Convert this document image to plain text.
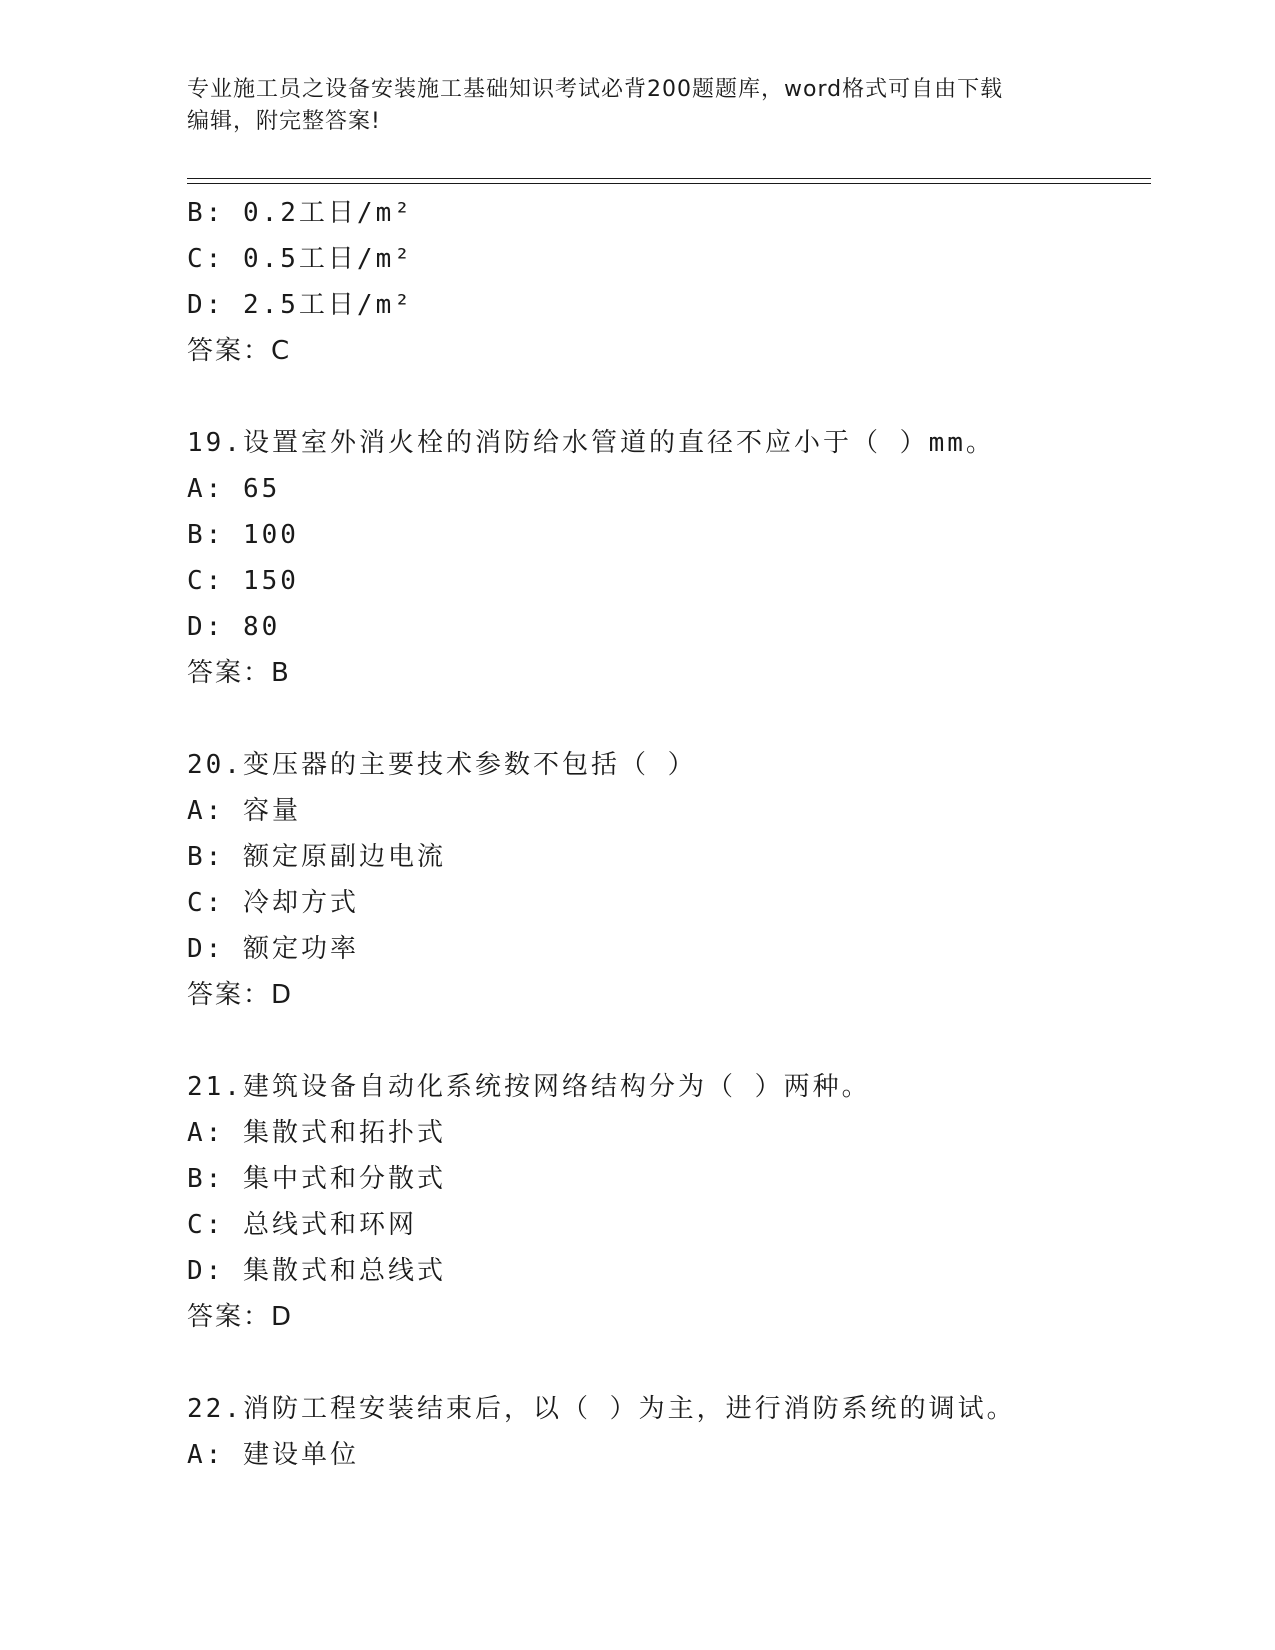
专业施工员之设备安装施工基础知识考试必背200题题库，word格式可自由下载
编辑，附完整答案!
B: 0.2工日/m²
C: 0.5工日/m²
D: 2.5工日/m²
答案：C
19.设置室外消火栓的消防给水管道的直径不应小于（ ）mm。
A: 65
B: 100
C: 150
D: 80
答案：B
20.变压器的主要技术参数不包括（ ）
A: 容量
B: 额定原副边电流
C: 冷却方式
D: 额定功率
答案：D
21.建筑设备自动化系统按网络结构分为（ ）两种。
A: 集散式和拓扑式
B: 集中式和分散式
C: 总线式和环网
D: 集散式和总线式
答案：D
22.消防工程安装结束后，以（ ）为主，进行消防系统的调试。
A: 建设单位
